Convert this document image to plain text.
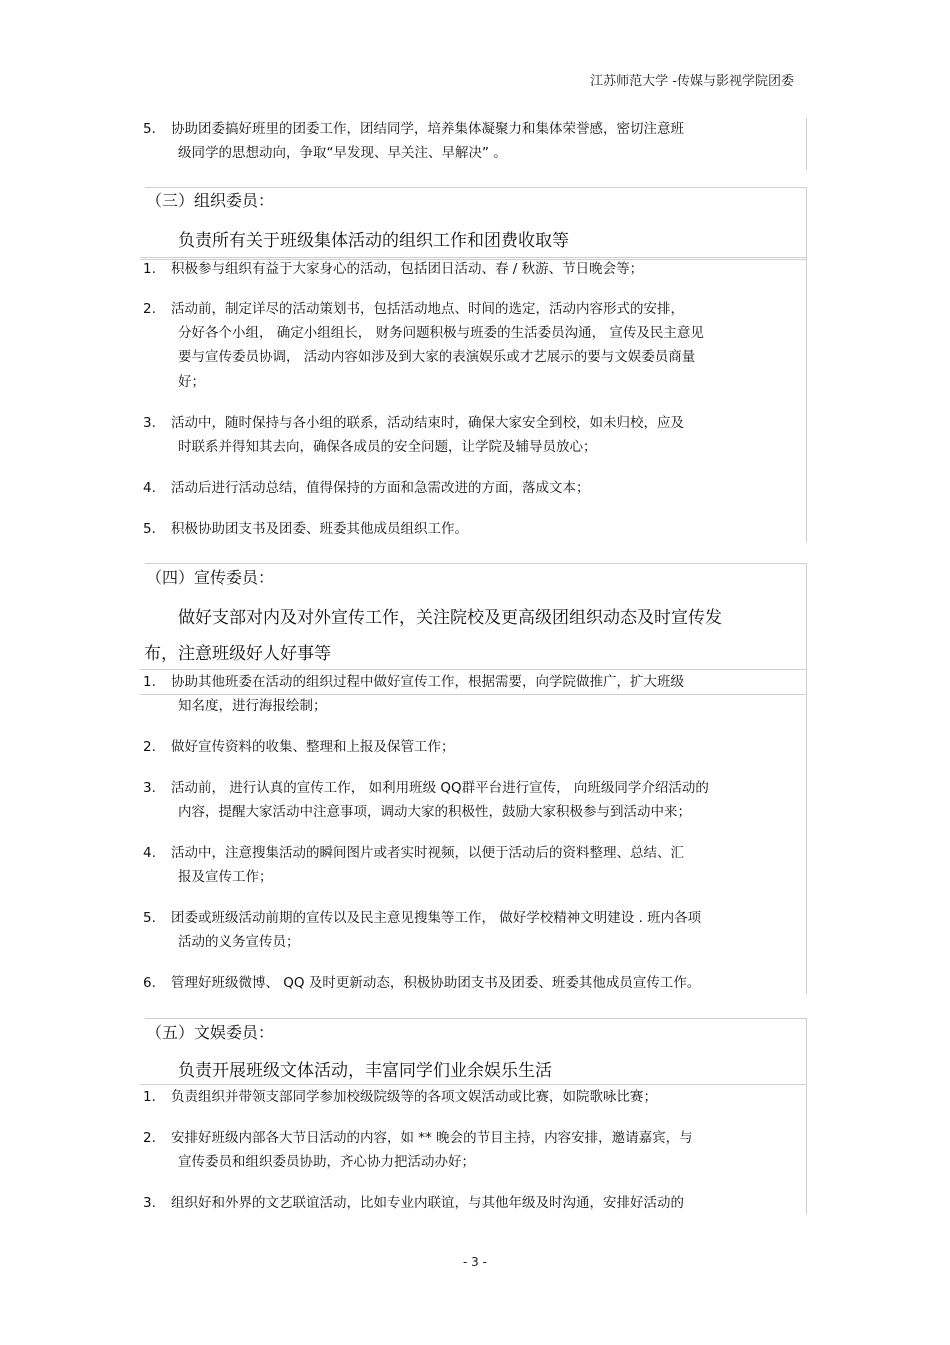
江苏师范大学 -传媒与影视学院团委
5. 协助团委搞好班里的团委工作，团结同学，培养集体凝聚力和集体荣誉感，密切注意班
级同学的思想动向，争取“早发现、早关注、早解决” 。
（三）组织委员：
负责所有关于班级集体活动的组织工作和团费收取等
1. 积极参与组织有益于大家身心的活动，包括团日活动、春 / 秋游、节日晚会等；
2. 活动前，制定详尽的活动策划书，包括活动地点、时间的选定，活动内容形式的安排，
分好各个小组， 确定小组组长， 财务问题积极与班委的生活委员沟通， 宣传及民主意见
要与宣传委员协调， 活动内容如涉及到大家的表演娱乐或才艺展示的要与文娱委员商量
好；
3. 活动中，随时保持与各小组的联系，活动结束时，确保大家安全到校，如未归校，应及
时联系并得知其去向，确保各成员的安全问题，让学院及辅导员放心；
4. 活动后进行活动总结，值得保持的方面和急需改进的方面，落成文本；
5. 积极协助团支书及团委、班委其他成员组织工作。
（四）宣传委员：
做好支部对内及对外宣传工作，关注院校及更高级团组织动态及时宣传发
布，注意班级好人好事等
1. 协助其他班委在活动的组织过程中做好宣传工作，根据需要，向学院做推广，扩大班级
知名度，进行海报绘制；
2. 做好宣传资料的收集、整理和上报及保管工作；
3. 活动前， 进行认真的宣传工作， 如利用班级 QQ群平台进行宣传， 向班级同学介绍活动的
内容，提醒大家活动中注意事项，调动大家的积极性，鼓励大家积极参与到活动中来；
4. 活动中，注意搜集活动的瞬间图片或者实时视频，以便于活动后的资料整理、总结、汇
报及宣传工作；
5. 团委或班级活动前期的宣传以及民主意见搜集等工作， 做好学校精神文明建设 . 班内各项
活动的义务宣传员；
6. 管理好班级微博、 QQ 及时更新动态，积极协助团支书及团委、班委其他成员宣传工作。
（五）文娱委员：
负责开展班级文体活动，丰富同学们业余娱乐生活
1. 负责组织并带领支部同学参加校级院级等的各项文娱活动或比赛，如院歌咏比赛；
2. 安排好班级内部各大节日活动的内容，如 ** 晚会的节目主持，内容安排，邀请嘉宾，与
宣传委员和组织委员协助，齐心协力把活动办好；
3. 组织好和外界的文艺联谊活动，比如专业内联谊，与其他年级及时沟通，安排好活动的
- 3 -
